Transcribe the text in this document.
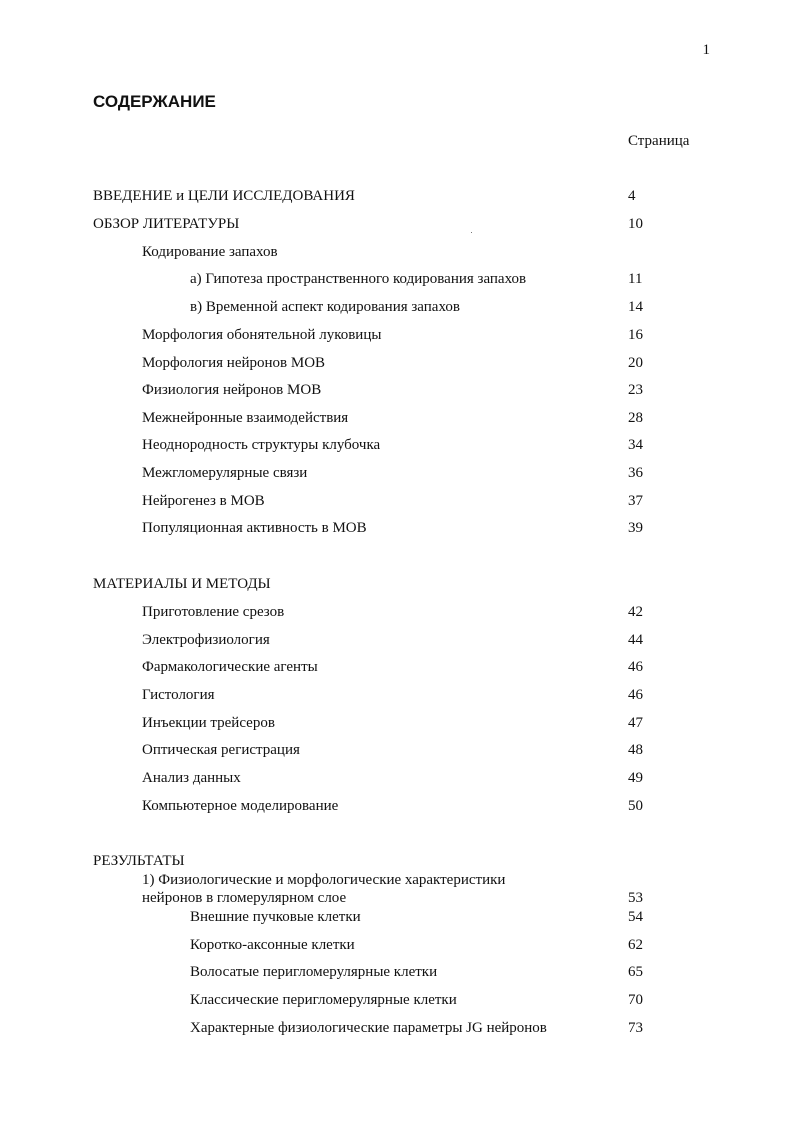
1
СОДЕРЖАНИЕ
Страница
ВВЕДЕНИЕ и ЦЕЛИ ИССЛЕДОВАНИЯ	4
ОБЗОР ЛИТЕРАТУРЫ	10
Кодирование запахов
а) Гипотеза пространственного кодирования запахов	11
в) Временной аспект кодирования запахов	14
Морфология обонятельной луковицы	16
Морфология нейронов МОВ	20
Физиология нейронов МОВ	23
Межнейронные взаимодействия	28
Неоднородность структуры клубочка	34
Межгломерулярные связи	36
Нейрогенез в МОВ	37
Популяционная активность в МОВ	39
МАТЕРИАЛЫ И МЕТОДЫ
Приготовление срезов	42
Электрофизиология	44
Фармакологические агенты	46
Гистология	46
Инъекции трейсеров	47
Оптическая регистрация	48
Анализ данных	49
Компьютерное моделирование	50
РЕЗУЛЬТАТЫ
1) Физиологические и морфологические характеристики
нейронов в гломерулярном слое	53
Внешние пучковые клетки	54
Коротко-аксонные клетки	62
Волосатые перигломерулярные клетки	65
Классические перигломерулярные клетки	70
Характерные физиологические параметры JG нейронов	73
